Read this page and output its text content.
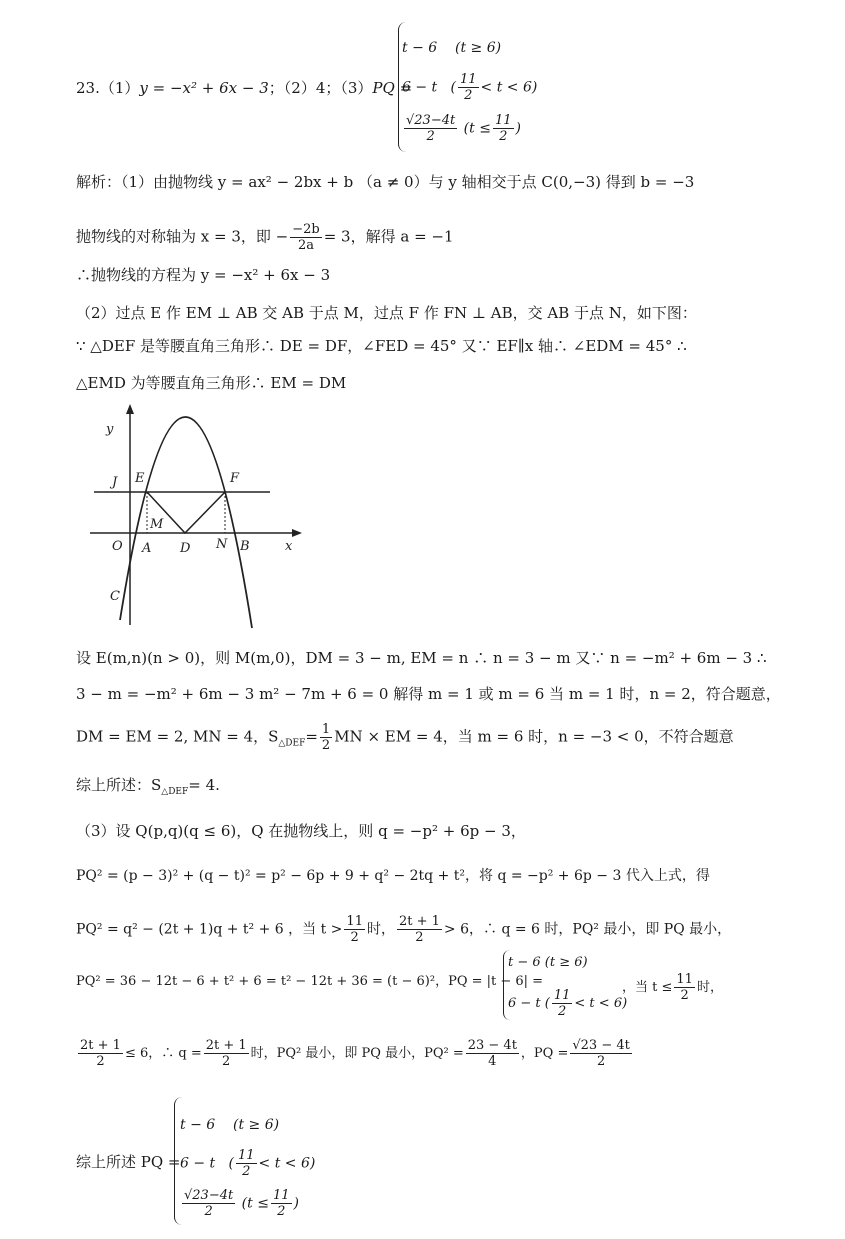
23.（1）y = −x² + 6x − 3；（2）4；（3）PQ =
t − 6 (t ≥ 6)
6 − t ( $\frac{11}{2} < t < 6$)
$\frac{√23-4t}{2} (t \le \frac{11}{2}$ )
解析：（1）由抛物线 y = ax² − 2bx + b （a ≠ 0）与 y 轴相交于点 C(0,−3) 得到 b = −3
抛物线的对称轴为 x = 3，即 − $\frac{-2b}{2a} = 3$，解得 a = −1
∴抛物线的方程为 y = −x² + 6x − 3
（2）过点 E 作 EM ⊥ AB 交 AB 于点 M，过点 F 作 FN ⊥ AB，交 AB 于点 N，如下图：
∵ △DEF 是等腰直角三角形∴ DE = DF，∠FED = 45° 又∵ EF∥x 轴∴ ∠EDM = 45° ∴
△EMD 为等腰直角三角形∴ EM = DM
y
x
J E	F
M
O A D N B
C
设 E(m,n)(n > 0)，则 M(m,0)，DM = 3 − m, EM = n ∴ n = 3 − m 又∵ n = −m² + 6m − 3 ∴
3 − m = −m² + 6m − 3 m² − 7m + 6 = 0 解得 m = 1 或 m = 6 当 m = 1 时，n = 2，符合题意，
DM = EM = 2, MN = 4，$S_{\triangle DEF}= \frac{1}{2}$ MN × EM = 4，当 m = 6 时，n = −3 < 0，不符合题意
综上所述：$S_{\triangle DEF}= 4$.
（3）设 Q(p,q)(q ≤ 6)，Q 在抛物线上，则 q = −p² + 6p − 3，
PQ² = (p − 3)² + (q − t)² = p² − 6p + 9 + q² − 2tq + t²，将 q = −p² + 6p − 3 代入上式，得
PQ² = q² − (2t + 1)q + t² + 6 ，当 $t > \frac{11}{2}$ 时， $\frac{2t + 1}{2} > 6$，∴ q = 6 时，PQ² 最小，即 PQ 最小，
PQ² = 36 − 12t − 6 + t² + 6 = t² − 12t + 36 = (t − 6)²，PQ = |t − 6| =
t − 6 (t ≥ 6)
6 − t ( $\frac{11}{2} < t < 6$)
，当 $t \le \frac{11}{2}$ 时，
$\frac{2t + 1}{2} \le 6$，∴ $q = \frac{2t + 1}{2}$ 时，PQ² 最小，即 PQ 最小，$PQ^2 = \frac{23 - 4t}{4}$ ，PQ = $\frac{√23 - 4t}{2}$
综上所述 PQ =
t − 6 (t ≥ 6)
6 − t ( $\frac{11}{2} < t < 6$)
$\frac{√23-4t}{2} (t \le \frac{11}{2}$ )
